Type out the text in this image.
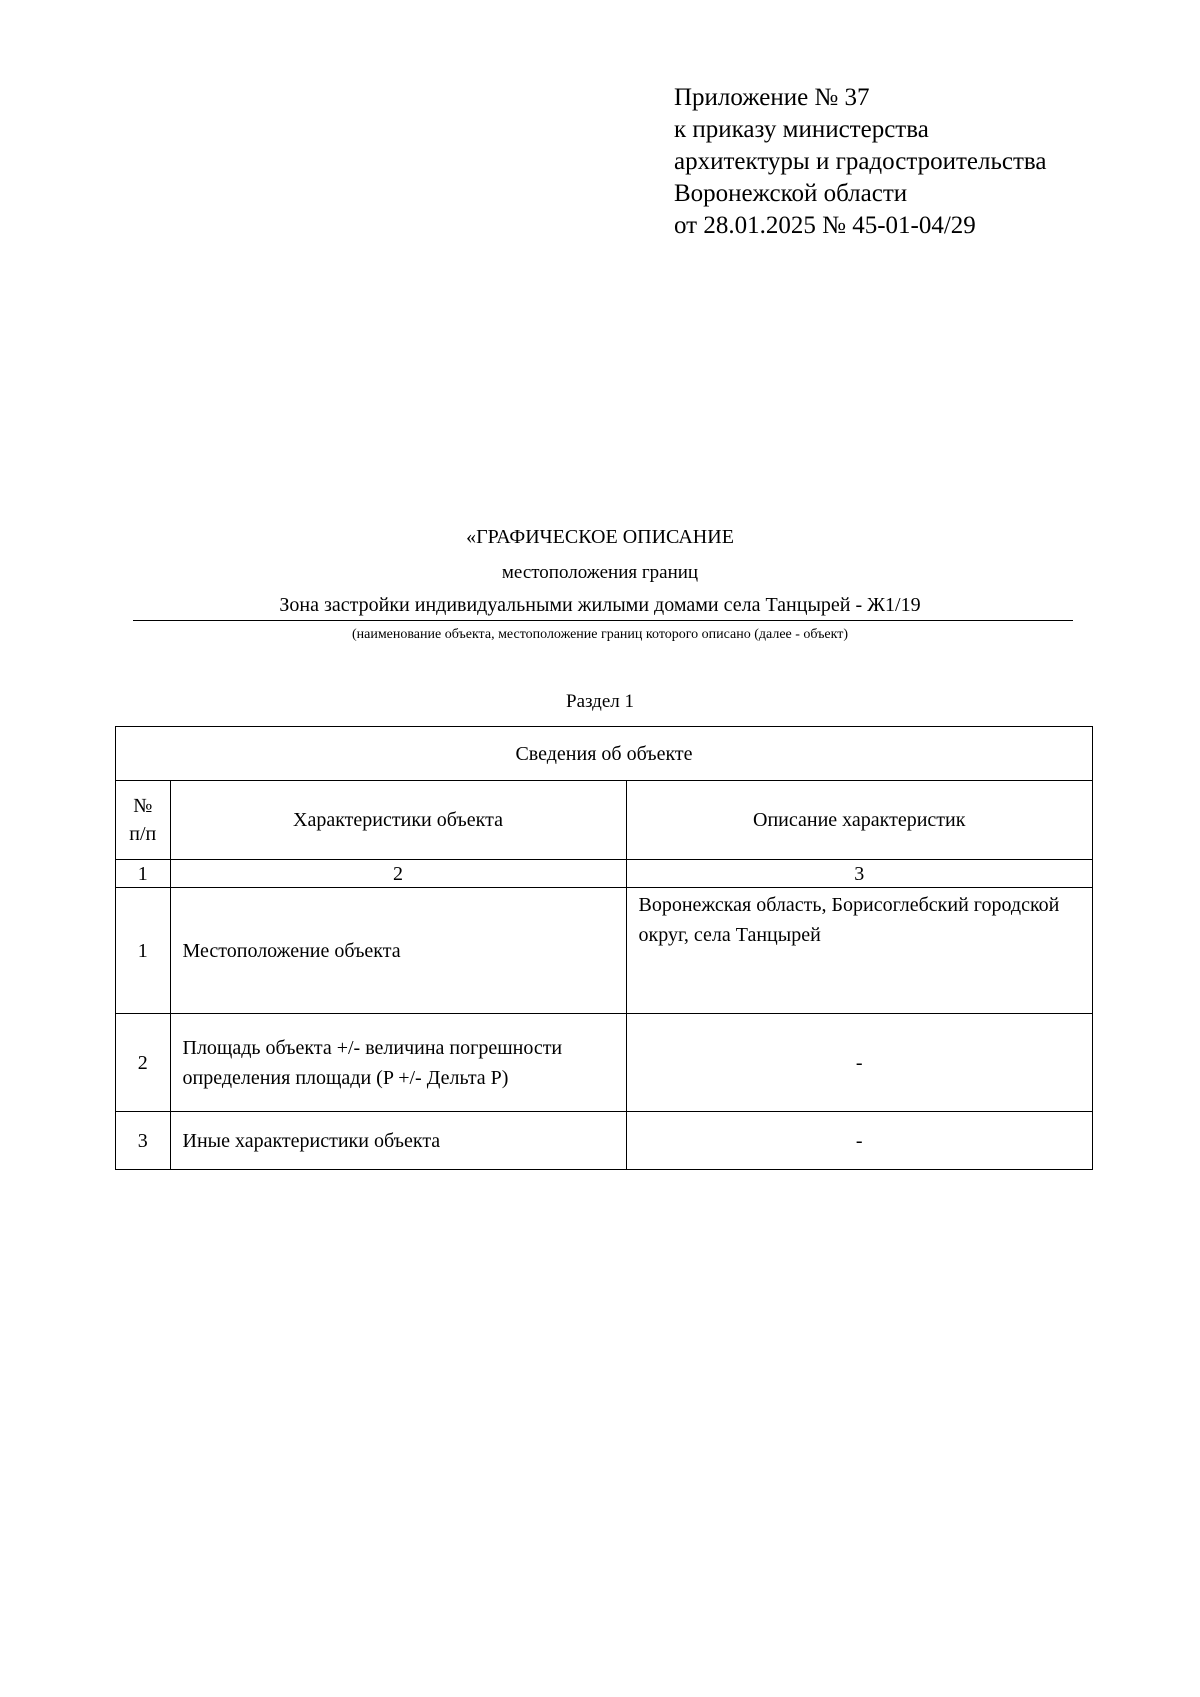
Приложение № 37
к приказу министерства
архитектуры и градостроительства
Воронежской области
от 28.01.2025 № 45-01-04/29
«ГРАФИЧЕСКОЕ ОПИСАНИЕ
местоположения границ
Зона застройки индивидуальными жилыми домами села Танцырей - Ж1/19
(наименование объекта, местоположение границ которого описано (далее - объект)
Раздел 1
Сведения об объекте		

№
п/п	Характеристики объекта	Описание характеристик
1	2	3
1	Местоположение объекта	Воронежская область, Борисоглебский городской округ, села Танцырей
2	Площадь объекта +/- величина погрешности определения площади (P +/- Дельта P)	-
3	Иные характеристики объекта	-
